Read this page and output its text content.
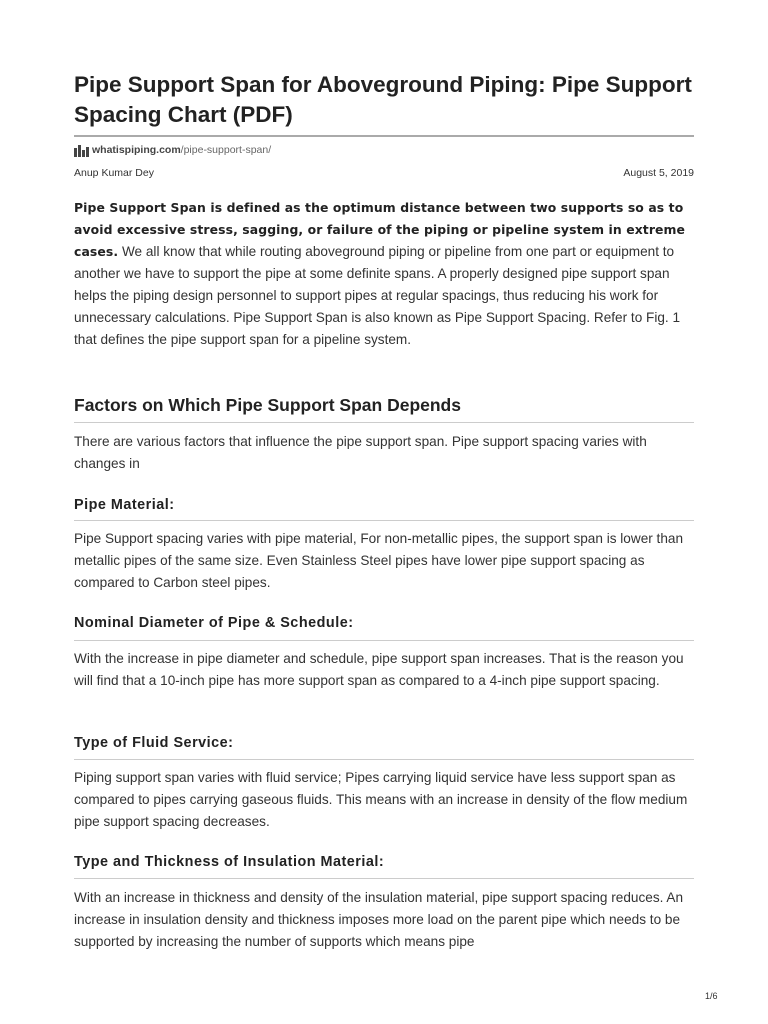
Pipe Support Span for Aboveground Piping: Pipe Support Spacing Chart (PDF)
whatispiping.com /pipe-support-span/
Anup Kumar Dey	August 5, 2019

Pipe Support Span is defined as the optimum distance between two supports so as to avoid excessive stress, sagging, or failure of the piping or pipeline system in extreme cases. We all know that while routing aboveground piping or pipeline from one part or equipment to another we have to support the pipe at some definite spans. A properly designed pipe support span helps the piping design personnel to support pipes at regular spacings, thus reducing his work for unnecessary calculations. Pipe Support Span is also known as Pipe Support Spacing. Refer to Fig. 1 that defines the pipe support span for a pipeline system.

Factors on Which Pipe Support Span Depends

There are various factors that influence the pipe support span. Pipe support spacing varies with changes in

Pipe Material:

Pipe Support spacing varies with pipe material, For non-metallic pipes, the support span is lower than metallic pipes of the same size. Even Stainless Steel pipes have lower pipe support spacing as compared to Carbon steel pipes.

Nominal Diameter of Pipe & Schedule:

With the increase in pipe diameter and schedule, pipe support span increases. That is the reason you will find that a 10-inch pipe has more support span as compared to a 4-inch pipe support spacing.

Type of Fluid Service:

Piping support span varies with fluid service; Pipes carrying liquid service have less support span as compared to pipes carrying gaseous fluids. This means with an increase in density of the flow medium pipe support spacing decreases.

Type and Thickness of Insulation Material:

With an increase in thickness and density of the insulation material, pipe support spacing reduces. An increase in insulation density and thickness imposes more load on the parent pipe which needs to be supported by increasing the number of supports which means pipe

1/6
